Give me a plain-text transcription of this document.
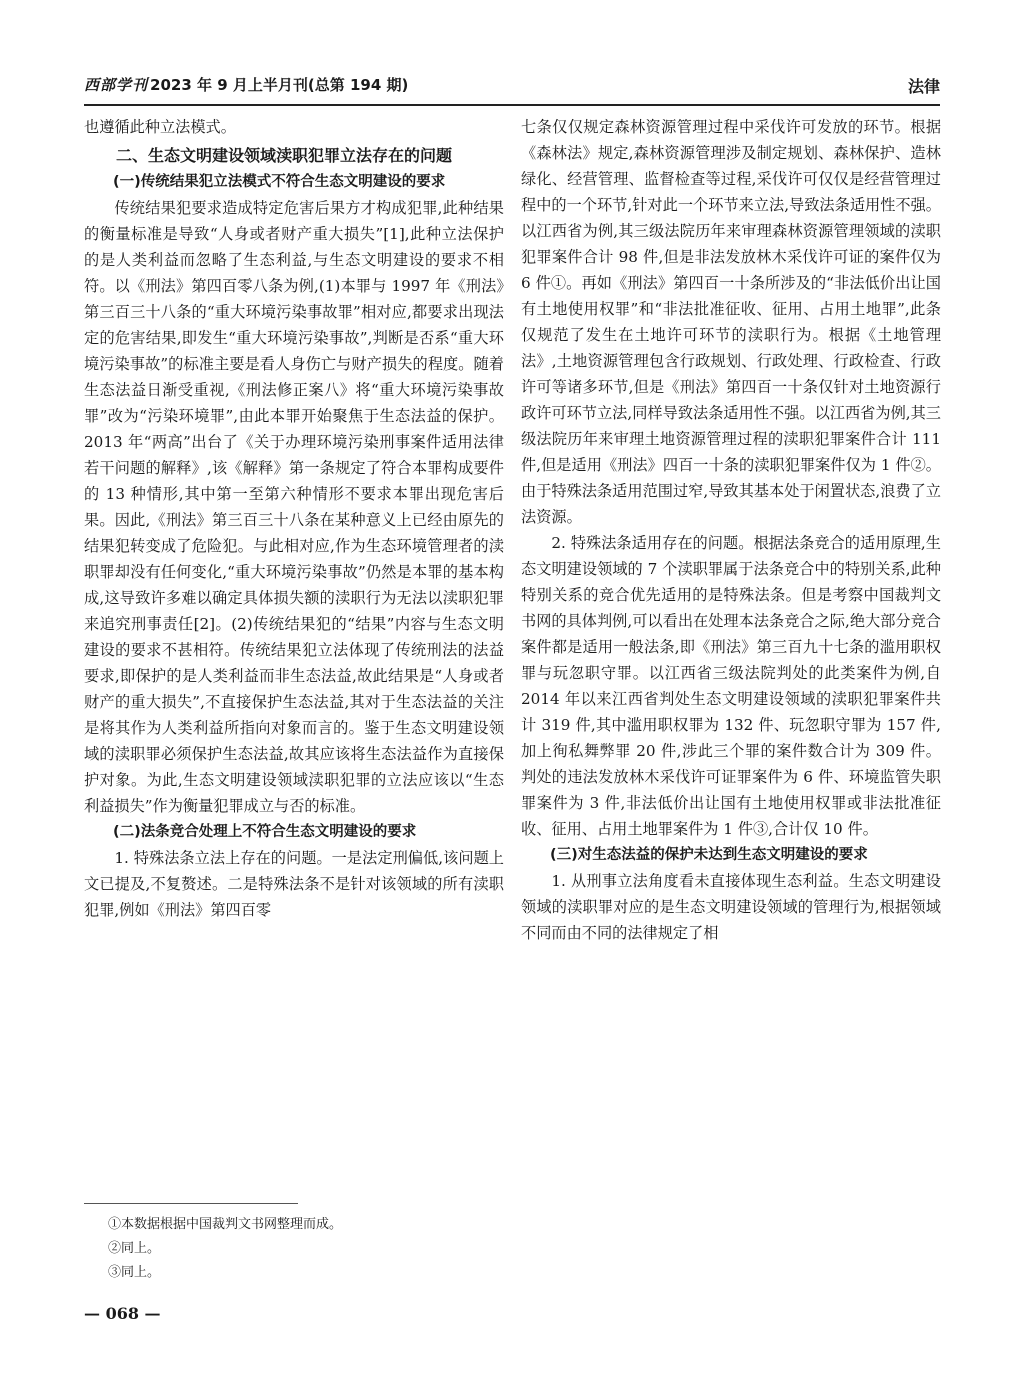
西部学刊 2023 年 9 月上半月刊(总第 194 期)	法律

也遵循此种立法模式。

二、生态文明建设领域渎职犯罪立法存在的问题
(一)传统结果犯立法模式不符合生态文明建设的要求

传统结果犯要求造成特定危害后果方才构成犯罪,此种结果的衡量标准是导致“人身或者财产重大损失”[1],此种立法保护的是人类利益而忽略了生态利益,与生态文明建设的要求不相符。以《刑法》第四百零八条为例,(1)本罪与 1997 年《刑法》第三百三十八条的“重大环境污染事故罪”相对应,都要求出现法定的危害结果,即发生“重大环境污染事故”,判断是否系“重大环境污染事故”的标准主要是看人身伤亡与财产损失的程度。随着生态法益日渐受重视,《刑法修正案八》将“重大环境污染事故罪”改为“污染环境罪”,由此本罪开始聚焦于生态法益的保护。2013 年“两高”出台了《关于办理环境污染刑事案件适用法律若干问题的解释》,该《解释》第一条规定了符合本罪构成要件的 13 种情形,其中第一至第六种情形不要求本罪出现危害后果。因此,《刑法》第三百三十八条在某种意义上已经由原先的结果犯转变成了危险犯。与此相对应,作为生态环境管理者的渎职罪却没有任何变化,“重大环境污染事故”仍然是本罪的基本构成,这导致许多难以确定具体损失额的渎职行为无法以渎职犯罪来追究刑事责任[2]。(2)传统结果犯的“结果”内容与生态文明建设的要求不甚相符。传统结果犯立法体现了传统刑法的法益要求,即保护的是人类利益而非生态法益,故此结果是“人身或者财产的重大损失”,不直接保护生态法益,其对于生态法益的关注是将其作为人类利益所指向对象而言的。鉴于生态文明建设领域的渎职罪必须保护生态法益,故其应该将生态法益作为直接保护对象。为此,生态文明建设领域渎职犯罪的立法应该以“生态利益损失”作为衡量犯罪成立与否的标准。

(二)法条竞合处理上不符合生态文明建设的要求

1. 特殊法条立法上存在的问题。一是法定刑偏低,该问题上文已提及,不复赘述。二是特殊法条不是针对该领域的所有渎职犯罪,例如《刑法》第四百零

七条仅仅规定森林资源管理过程中采伐许可发放的环节。根据《森林法》规定,森林资源管理涉及制定规划、森林保护、造林绿化、经营管理、监督检查等过程,采伐许可仅仅是经营管理过程中的一个环节,针对此一个环节来立法,导致法条适用性不强。以江西省为例,其三级法院历年来审理森林资源管理领域的渎职犯罪案件合计 98 件,但是非法发放林木采伐许可证的案件仅为 6 件①。再如《刑法》第四百一十条所涉及的“非法低价出让国有土地使用权罪”和“非法批准征收、征用、占用土地罪”,此条仅规范了发生在土地许可环节的渎职行为。根据《土地管理法》,土地资源管理包含行政规划、行政处理、行政检查、行政许可等诸多环节,但是《刑法》第四百一十条仅针对土地资源行政许可环节立法,同样导致法条适用性不强。以江西省为例,其三级法院历年来审理土地资源管理过程的渎职犯罪案件合计 111 件,但是适用《刑法》四百一十条的渎职犯罪案件仅为 1 件②。由于特殊法条适用范围过窄,导致其基本处于闲置状态,浪费了立法资源。

2. 特殊法条适用存在的问题。根据法条竞合的适用原理,生态文明建设领域的 7 个渎职罪属于法条竞合中的特别关系,此种特别关系的竞合优先适用的是特殊法条。但是考察中国裁判文书网的具体判例,可以看出在处理本法条竞合之际,绝大部分竞合案件都是适用一般法条,即《刑法》第三百九十七条的滥用职权罪与玩忽职守罪。以江西省三级法院判处的此类案件为例,自 2014 年以来江西省判处生态文明建设领域的渎职犯罪案件共计 319 件,其中滥用职权罪为 132 件、玩忽职守罪为 157 件,加上徇私舞弊罪 20 件,涉此三个罪的案件数合计为 309 件。判处的违法发放林木采伐许可证罪案件为 6 件、环境监管失职罪案件为 3 件,非法低价出让国有土地使用权罪或非法批准征收、征用、占用土地罪案件为 1 件③,合计仅 10 件。

(三)对生态法益的保护未达到生态文明建设的要求

1. 从刑事立法角度看未直接体现生态利益。生态文明建设领域的渎职罪对应的是生态文明建设领域的管理行为,根据领域不同而由不同的法律规定了相

①本数据根据中国裁判文书网整理而成。
②同上。
③同上。
— 068 —
